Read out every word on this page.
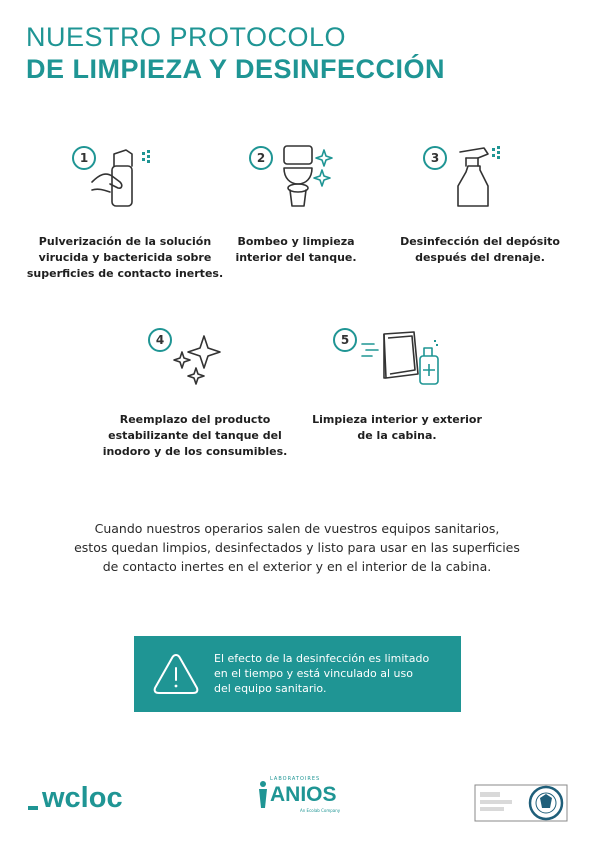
NUESTRO PROTOCOLO
DE LIMPIEZA Y DESINFECCIÓN
1
Pulverización de la solución
virucida y bactericida sobre
superficies de contacto inertes.
2
Bombeo y limpieza
interior del tanque.
3
Desinfección del depósito
después del drenaje.
4
Reemplazo del producto
estabilizante del tanque del
inodoro y de los consumibles.
5
Limpieza interior y exterior
de la cabina.
Cuando nuestros operarios salen de vuestros equipos sanitarios,
estos quedan limpios, desinfectados y listo para usar en las superficies
de contacto inertes en el exterior y en el interior de la cabina.
El efecto de la desinfección es limitado
en el tiempo y está vinculado al uso
del equipo sanitario.
wcloc
LABORATOIRES
ANIOS
An Ecolab Company
